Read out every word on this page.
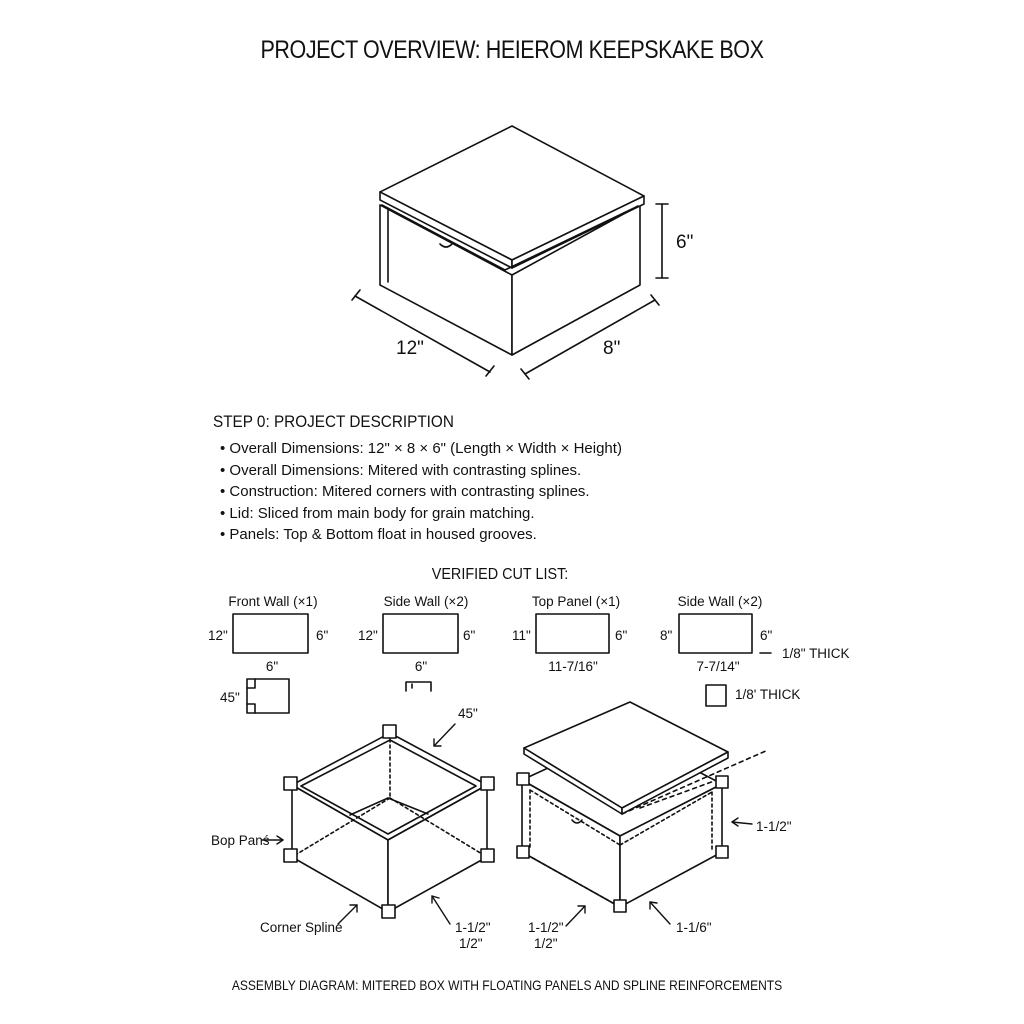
PROJECT OVERVIEW: HEIEROM KEEPSKAKE BOX
6"
12"	8"
Front Wall (×1)	Side Wall (×2)	Top Panel (×1)	Side Wall (×2)
12"	6"
6"
12"	6"
6"
11"	6"
11-7/16"
8"	6"
7-7/14"
45"
1/8" THICK
1/8' THICK
45"
Bop Pan‌ś
Corner Spline	1-1/2"
1/2"
1-1/2"
1-1/2"
1/2"
1-1/6"
STEP 0: PROJECT DESCRIPTION
• Overall Dimensions: 12" × 8 × 6" (Length × Width × Height)
• Overall Dimensions: Mitered with contrasting splines.
• Construction: Mitered corners with contrasting splines.
• Lid: Sliced from main body for grain matching.
• Panels: Top & Bottom float in housed grooves.
VERIFIED CUT LIST:
ASSEMBLY DIAGRAM: MITERED BOX WITH FLOATING PANELS AND SPLINE REINFORCEMENTS
